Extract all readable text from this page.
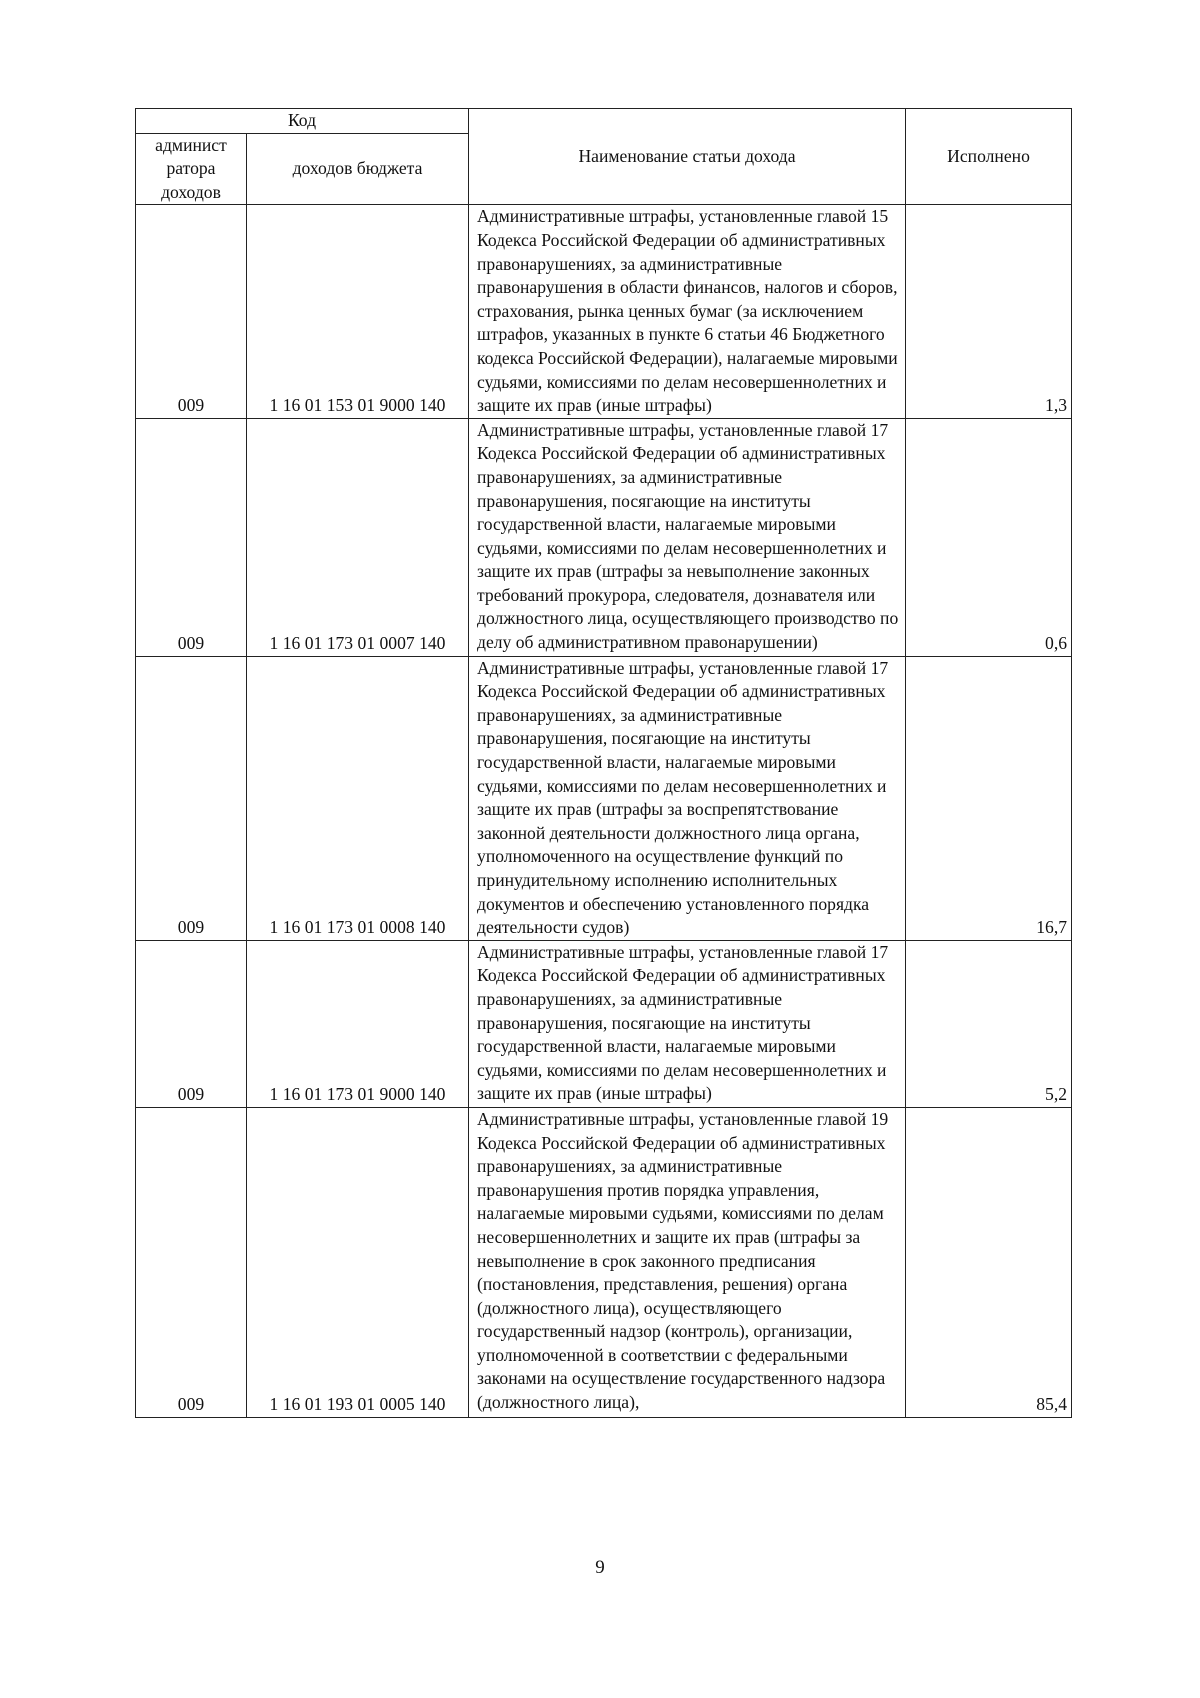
Код		Наименование статьи дохода	Исполнено
админист ратора доходов	доходов бюджета		
009	1 16 01 153 01 9000 140	Административные штрафы, установленные главой 15 Кодекса Российской Федерации об административных правонарушениях, за административные правонарушения в области финансов, налогов и сборов, страхования, рынка ценных бумаг (за исключением штрафов, указанных в пункте 6 статьи 46 Бюджетного кодекса Российской Федерации), налагаемые мировыми судьями, комиссиями по делам несовершеннолетних и защите их прав (иные штрафы)	1,3
009	1 16 01 173 01 0007 140	Административные штрафы, установленные главой 17 Кодекса Российской Федерации об административных правонарушениях, за административные правонарушения, посягающие на институты государственной власти, налагаемые мировыми судьями, комиссиями по делам несовершеннолетних и защите их прав (штрафы за невыполнение законных требований прокурора, следователя, дознавателя или должностного лица, осуществляющего производство по делу об административном правонарушении)	0,6
009	1 16 01 173 01 0008 140	Административные штрафы, установленные главой 17 Кодекса Российской Федерации об административных правонарушениях, за административные правонарушения, посягающие на институты государственной власти, налагаемые мировыми судьями, комиссиями по делам несовершеннолетних и защите их прав (штрафы за воспрепятствование законной деятельности должностного лица органа, уполномоченного на осуществление функций по принудительному исполнению исполнительных документов и обеспечению установленного порядка деятельности судов)	16,7
009	1 16 01 173 01 9000 140	Административные штрафы, установленные главой 17 Кодекса Российской Федерации об административных правонарушениях, за административные правонарушения, посягающие на институты государственной власти, налагаемые мировыми судьями, комиссиями по делам несовершеннолетних и защите их прав (иные штрафы)	5,2
009	1 16 01 193 01 0005 140	Административные штрафы, установленные главой 19 Кодекса Российской Федерации об административных правонарушениях, за административные правонарушения против порядка управления, налагаемые мировыми судьями, комиссиями по делам несовершеннолетних и защите их прав (штрафы за невыполнение в срок законного предписания (постановления, представления, решения) органа (должностного лица), осуществляющего государственный надзор (контроль), организации, уполномоченной в соответствии с федеральными законами на осуществление государственного надзора (должностного лица),	85,4
9
